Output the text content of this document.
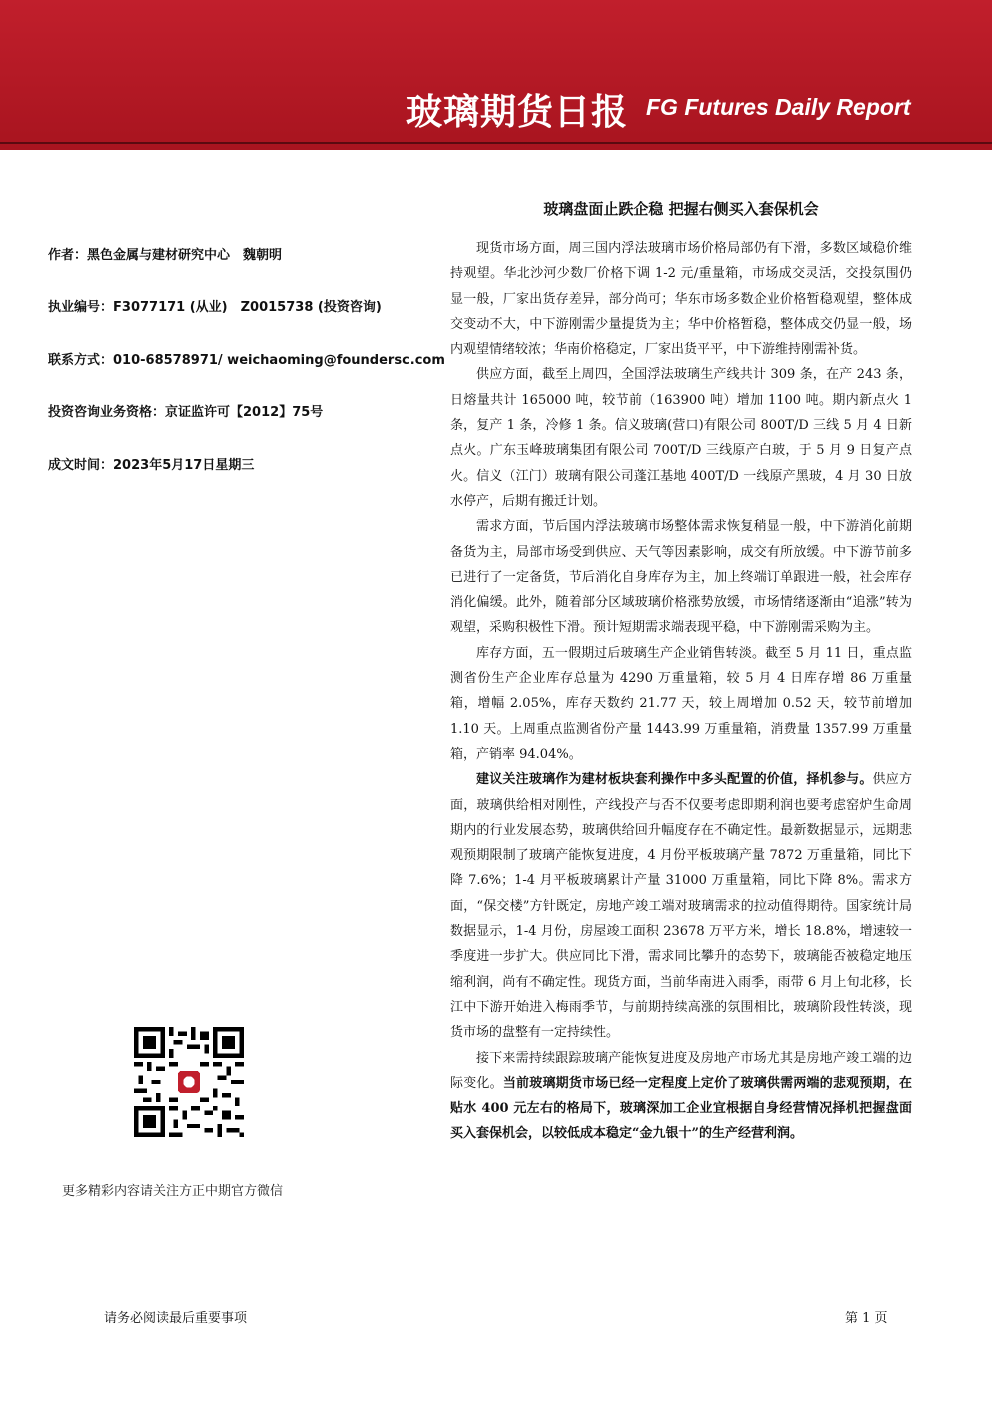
玻璃期货日报 FG Futures Daily Report
玻璃盘面止跌企稳 把握右侧买入套保机会
作者：黑色金属与建材研究中心　魏朝明
执业编号：F3077171 (从业)　Z0015738 (投资咨询)
联系方式：010-68578971/ weichaoming@foundersc.com
投资咨询业务资格：京证监许可【2012】75号
成文时间：2023年5月17日星期三

现货市场方面，周三国内浮法玻璃市场价格局部仍有下滑，多数区域稳价维持观望。华北沙河少数厂价格下调 1-2 元/重量箱，市场成交灵活，交投氛围仍显一般，厂家出货存差异，部分尚可；华东市场多数企业价格暂稳观望，整体成交变动不大，中下游刚需少量提货为主；华中价格暂稳，整体成交仍显一般，场内观望情绪较浓；华南价格稳定，厂家出货平平，中下游维持刚需补货。

供应方面，截至上周四，全国浮法玻璃生产线共计 309 条，在产 243 条，日熔量共计 165000 吨，较节前（163900 吨）增加 1100 吨。期内新点火 1 条，复产 1 条，冷修 1 条。信义玻璃(营口)有限公司 800T/D 三线 5 月 4 日新点火。广东玉峰玻璃集团有限公司 700T/D 三线原产白玻，于 5 月 9 日复产点火。信义（江门）玻璃有限公司蓬江基地 400T/D 一线原产黑玻，4 月 30 日放水停产，后期有搬迁计划。

需求方面，节后国内浮法玻璃市场整体需求恢复稍显一般，中下游消化前期备货为主，局部市场受到供应、天气等因素影响，成交有所放缓。中下游节前多已进行了一定备货，节后消化自身库存为主，加上终端订单跟进一般，社会库存消化偏缓。此外，随着部分区域玻璃价格涨势放缓，市场情绪逐渐由“追涨”转为观望，采购积极性下滑。预计短期需求端表现平稳，中下游刚需采购为主。

库存方面，五一假期过后玻璃生产企业销售转淡。截至 5 月 11 日，重点监测省份生产企业库存总量为 4290 万重量箱，较 5 月 4 日库存增 86 万重量箱，增幅 2.05%，库存天数约 21.77 天，较上周增加 0.52 天，较节前增加 1.10 天。上周重点监测省份产量 1443.99 万重量箱，消费量 1357.99 万重量箱，产销率 94.04%。

建议关注玻璃作为建材板块套利操作中多头配置的价值，择机参与。供应方面，玻璃供给相对刚性，产线投产与否不仅要考虑即期利润也要考虑窑炉生命周期内的行业发展态势，玻璃供给回升幅度存在不确定性。最新数据显示，远期悲观预期限制了玻璃产能恢复进度，4 月份平板玻璃产量 7872 万重量箱，同比下降 7.6%；1-4 月平板玻璃累计产量 31000 万重量箱，同比下降 8%。需求方面，“保交楼”方针既定，房地产竣工端对玻璃需求的拉动值得期待。国家统计局数据显示，1-4 月份，房屋竣工面积 23678 万平方米，增长 18.8%，增速较一季度进一步扩大。供应同比下滑，需求同比攀升的态势下，玻璃能否被稳定地压缩利润，尚有不确定性。现货方面，当前华南进入雨季，雨带 6 月上旬北移，长江中下游开始进入梅雨季节，与前期持续高涨的氛围相比，玻璃阶段性转淡，现货市场的盘整有一定持续性。

接下来需持续跟踪玻璃产能恢复进度及房地产市场尤其是房地产竣工端的边际变化。当前玻璃期货市场已经一定程度上定价了玻璃供需两端的悲观预期，在贴水 400 元左右的格局下，玻璃深加工企业宜根据自身经营情况择机把握盘面买入套保机会，以较低成本稳定“金九银十”的生产经营利润。

更多精彩内容请关注方正中期官方微信
请务必阅读最后重要事项	第 1 页
